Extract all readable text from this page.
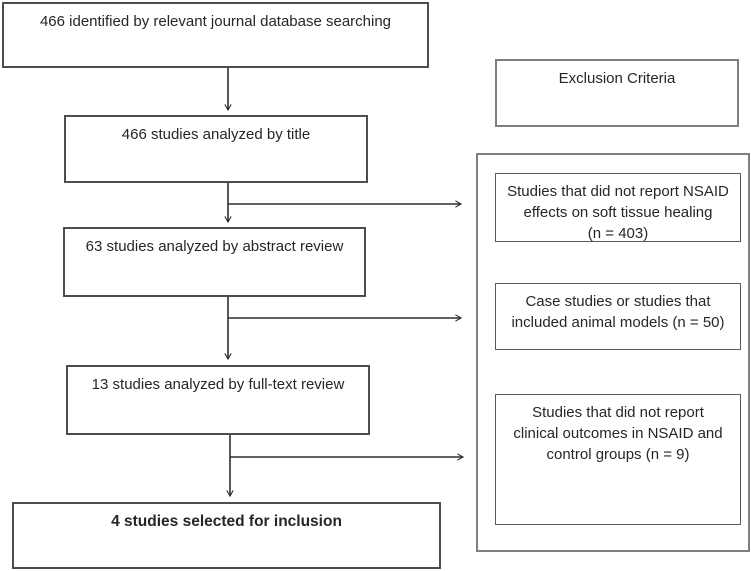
466 identified by relevant journal database searching
466 studies analyzed by title
63 studies analyzed by abstract review
13 studies analyzed by full-text review
4 studies selected for inclusion
Exclusion Criteria
Studies that did not report NSAID
effects on soft tissue healing
(n = 403)
Case studies or studies that
included animal models (n = 50)
Studies that did not report
clinical outcomes in NSAID and
control groups (n = 9)
